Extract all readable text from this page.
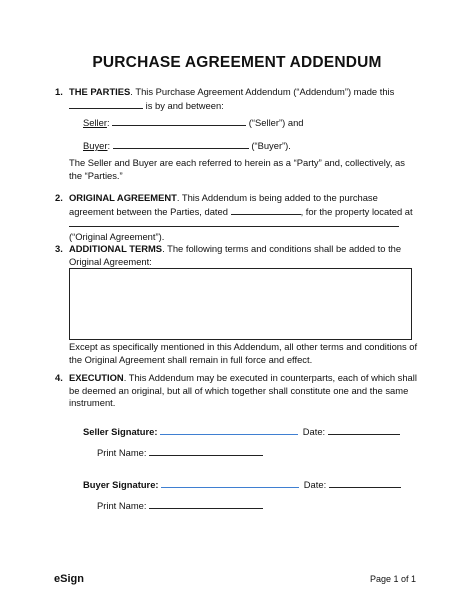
PURCHASE AGREEMENT ADDENDUM
1. THE PARTIES. This Purchase Agreement Addendum (“Addendum”) made this
is by and between:
Seller:	(“Seller”) and
Buyer:	(“Buyer”).
The Seller and Buyer are each referred to herein as a “Party” and, collectively, as the “Parties.”
2. ORIGINAL AGREEMENT. This Addendum is being added to the purchase
agreement between the Parties, dated	, for the property located at

(“Original Agreement”).
3. ADDITIONAL TERMS. The following terms and conditions shall be added to the
Original Agreement:
Except as specifically mentioned in this Addendum, all other terms and conditions of the Original Agreement shall remain in full force and effect.
4. EXECUTION. This Addendum may be executed in counterparts, each of which shall be deemed an original, but all of which together shall constitute one and the same instrument.
Seller Signature:	Date:
Print Name:
Buyer Signature:	Date:
Print Name:
eSign	Page 1 of 1
